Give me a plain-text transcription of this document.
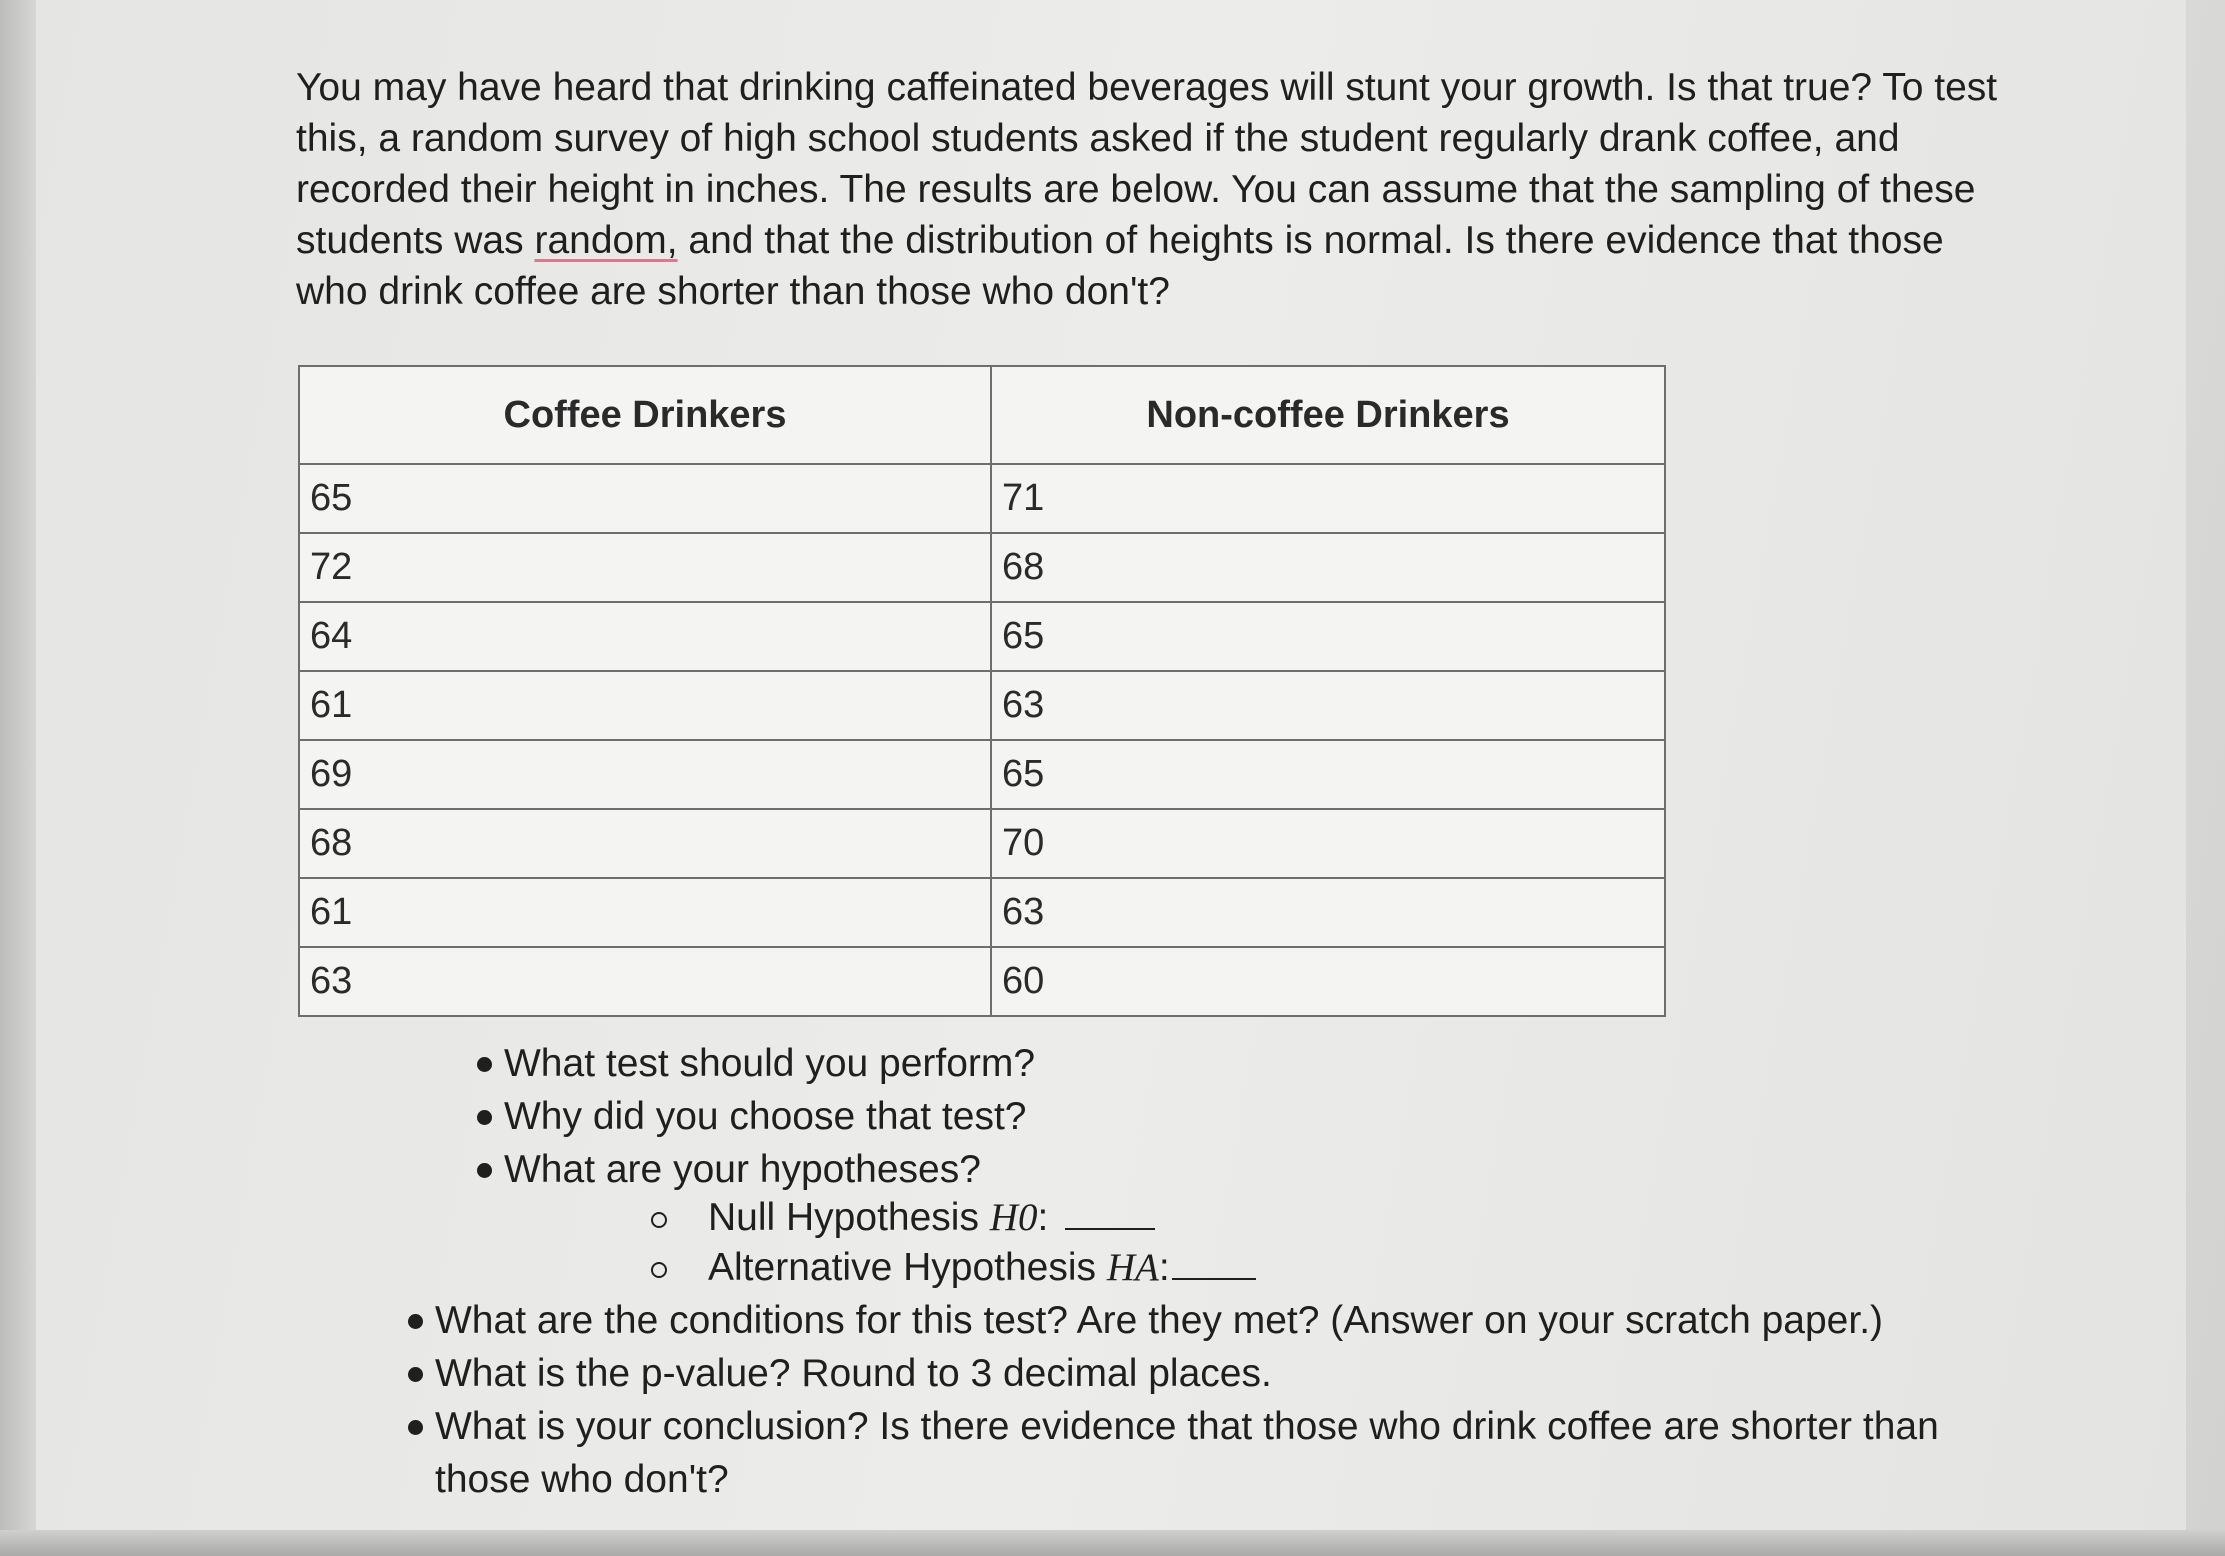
You may have heard that drinking caffeinated beverages will stunt your growth. Is that true? To test this, a random survey of high school students asked if the student regularly drank coffee, and recorded their height in inches. The results are below. You can assume that the sampling of these students was random, and that the distribution of heights is normal. Is there evidence that those who drink coffee are shorter than those who don't?

Coffee Drinkers	Non-coffee Drinkers
65	71
72	68
64	65
61	63
69	65
68	70
61	63
63	60
What test should you perform?
Why did you choose that test?
What are your hypotheses?
Null Hypothesis H0:
Alternative Hypothesis HA:
What are the conditions for this test? Are they met? (Answer on your scratch paper.)
What is the p-value? Round to 3 decimal places.
What is your conclusion? Is there evidence that those who drink coffee are shorter than those who don't?
